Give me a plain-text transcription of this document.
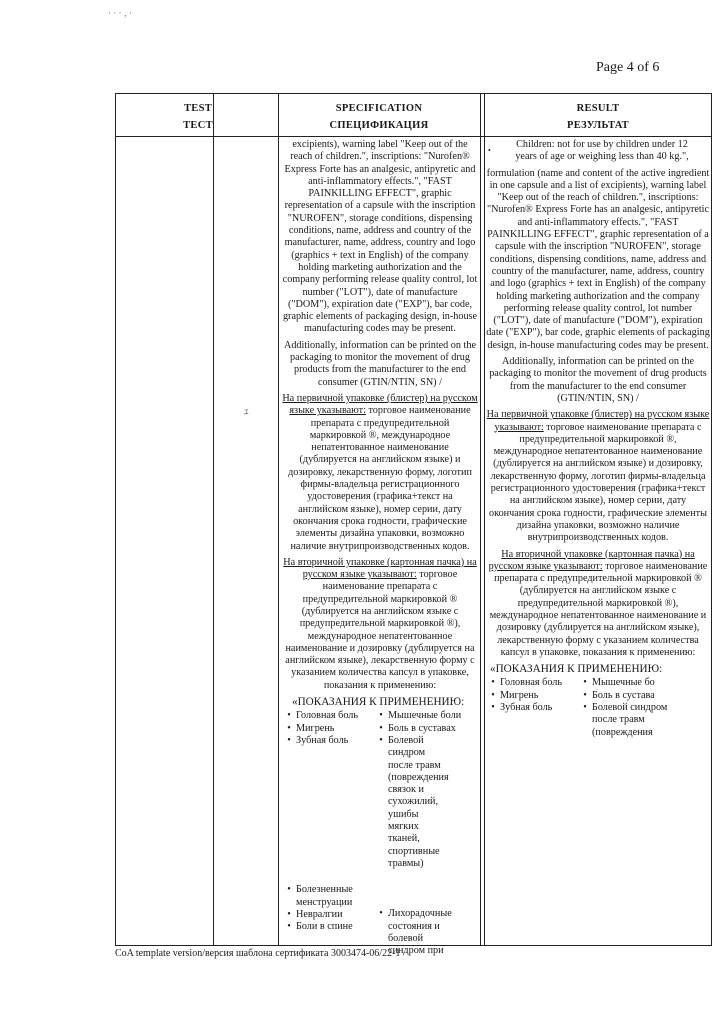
· · · ‚ ·
Page 4 of 6
TEST
ТЕСТ
SPECIFICATION
СПЕЦИФИКАЦИЯ
RESULT
РЕЗУЛЬТАТ

excipients), warning label "Keep out of the reach of children.", inscriptions: "Nurofen® Express Forte has an analgesic, antipyretic and anti-inflammatory effects.", "FAST PAINKILLING EFFECT", graphic representation of a capsule with the inscription "NUROFEN", storage conditions, dispensing conditions, name, address and country of the manufacturer, name, address, country and logo (graphics + text in English) of the company holding marketing authorization and the company performing release quality control, lot number ("LOT"), date of manufacture ("DOM"), expiration date ("EXP"), bar code, graphic elements of packaging design, in-house manufacturing codes may be present.

Additionally, information can be printed on the packaging to monitor the movement of drug products from the manufacturer to the end consumer (GTIN/NTIN, SN) /

На первичной упаковке (блистер) на русском языке указывают: торговое наименование препарата с предупредительной маркировкой ®, международное непатентованное наименование (дублируется на английском языке) и дозировку, лекарственную форму, логотип фирмы-владельца регистрационного удостоверения (графика+текст на английском языке), номер серии, дату окончания срока годности, графические элементы дизайна упаковки, возможно наличие внутрипроизводственных кодов.

На вторичной упаковке (картонная пачка) на русском языке указывают: торговое наименование препарата с предупредительной маркировкой ® (дублируется на английском языке с предупредительной маркировкой ®), международное непатентованное наименование и дозировку (дублируется на английском языке), лекарственную форму с указанием количества капсул в упаковке, показания к применению:

«ПОКАЗАНИЯ К ПРИМЕНЕНИЮ:
• Головная боль
• Мигрень
• Зубная боль
• Мышечные боли
• Боль в суставах
• Болевой синдром после травм (повреждения связок и сухожилий, ушибы мягких тканей, спортивные травмы)
• Болезненные менструации
• Невралгии
• Боли в спине
• Лихорадочные состояния и болевой синдром при

Children: not for use by children under 12 years of age or weighing less than 40 kg.",

formulation (name and content of the active ingredient in one capsule and a list of excipients), warning label "Keep out of the reach of children.", inscriptions: "Nurofen® Express Forte has an analgesic, antipyretic and anti-inflammatory effects.", "FAST PAINKILLING EFFECT", graphic representation of a capsule with the inscription "NUROFEN", storage conditions, dispensing conditions, name, address and country of the manufacturer, name, address, country and logo (graphics + text in English) of the company holding marketing authorization and the company performing release quality control, lot number ("LOT"), date of manufacture ("DOM"), expiration date ("EXP"), bar code, graphic elements of packaging design, in-house manufacturing codes may be present.

Additionally, information can be printed on the packaging to monitor the movement of drug products from the manufacturer to the end consumer (GTIN/NTIN, SN) /

На первичной упаковке (блистер) на русском языке указывают: торговое наименование препарата с предупредительной маркировкой ®, международное непатентованное наименование (дублируется на английском языке) и дозировку, лекарственную форму, логотип фирмы-владельца регистрационного удостоверения (графика+текст на английском языке), номер серии, дату окончания срока годности, графические элементы дизайна упаковки, возможно наличие внутрипроизводственных кодов.

На вторичной упаковке (картонная пачка) на русском языке указывают: торговое наименование препарата с предупредительной маркировкой ® (дублируется на английском языке с предупредительной маркировкой ®), международное непатентованное наименование и дозировку (дублируется на английском языке), лекарственную форму с указанием количества капсул в упаковке, показания к применению:

«ПОКАЗАНИЯ К ПРИМЕНЕНИЮ:
• Головная боль
• Мигрень
• Зубная боль
• Мышечные бо
• Боль в сустава
• Болевой синдром после травм (повреждения
•
ﾕ
CoA template version/версия шаблона сертификата 3003474-06/22-1
